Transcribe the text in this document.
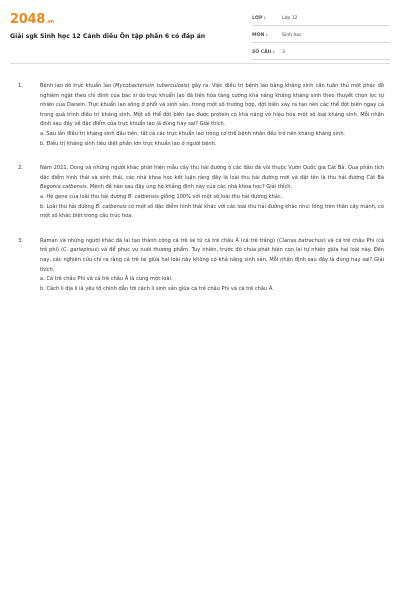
2048.vn
Giải sgk Sinh học 12 Cánh diều Ôn tập phần 6 có đáp án
LỚP :	Lớp 12
MÔN :	Sinh học
SỐ CÂU :	3
1.	Bệnh lao do trực khuẩn lao (Mycobacterium tuberculosis) gây ra. Việc điều trị bệnh lao bằng kháng sinh cần tuân thủ một phác đồ nghiêm ngặt theo chỉ định của bác sĩ do trực khuẩn lao đã tiến hóa tăng cường khả năng kháng kháng sinh theo thuyết chọn lọc tự nhiên của Darwin. Trực khuẩn lao sống ở phổi và sinh sản, trong một số trường hợp, đột biến xảy ra tạo nên các thể đột biến ngay cả trong quá trình điều trị kháng sinh. Một số thể đột biến tạo được protein có khả năng vô hiệu hóa một số loại kháng sinh. Mỗi nhận định sau đây về đặc điểm của trực khuẩn lao là đúng hay sai? Giải thích.

a. Sau lần điều trị kháng sinh đầu tiên, tất cả các trực khuẩn lao trong cơ thể bệnh nhân đều trở nên kháng kháng sinh.

b. Điều trị kháng sinh tiêu diệt phần lớn trực khuẩn lao ở người bệnh.

2.	Năm 2021, Dong và những người khác phát hiện mẫu cây thu hải đường ở các đảo đá vôi thuộc Vườn Quốc gia Cát Bà. Qua phân tích đặc điểm hình thái và sinh thái, các nhà khoa học kết luận rằng đây là loài thu hải đường mới và đặt tên là thu hải đường Cát Bà Begonia catbensis. Mệnh đề nào sau đây ủng hộ khẳng định này của các nhà khoa học? Giải thích.

a. Hệ gene của loài thu hải đường B. catbensis giống 100% với một số loài thu hải đường khác.

b. Loài thu hải đường B. catbensis có một số đặc điểm hình thái khác với các loài thu hải đường khác như: lông trên thân cây mảnh, có một số khác biệt trong cấu trúc hoa.

3.	Raman và những người khác đã lai tạo thành công cá trê lai từ cá trê châu Á (cá trê trắng) (Clarias batrachus) và cá trê châu Phi (cá trê phi) (C. gariepinus) và để phục vụ nuôi thương phẩm. Tuy nhiên, trước đó chưa phát hiện con lai tự nhiên giữa hai loài này. Đến nay, các nghiên cứu chỉ ra rằng cá trê lai giữa hai loài này không có khả năng sinh sản. Mỗi nhận định sau đây là đúng hay sai? Giải thích.

a. Cá trê châu Phi và cá trê châu Á là cùng một loài.

b. Cách li địa lí là yếu tố chính dẫn tới cách li sinh sản giữa cá trê châu Phi và cá trê châu Á.
